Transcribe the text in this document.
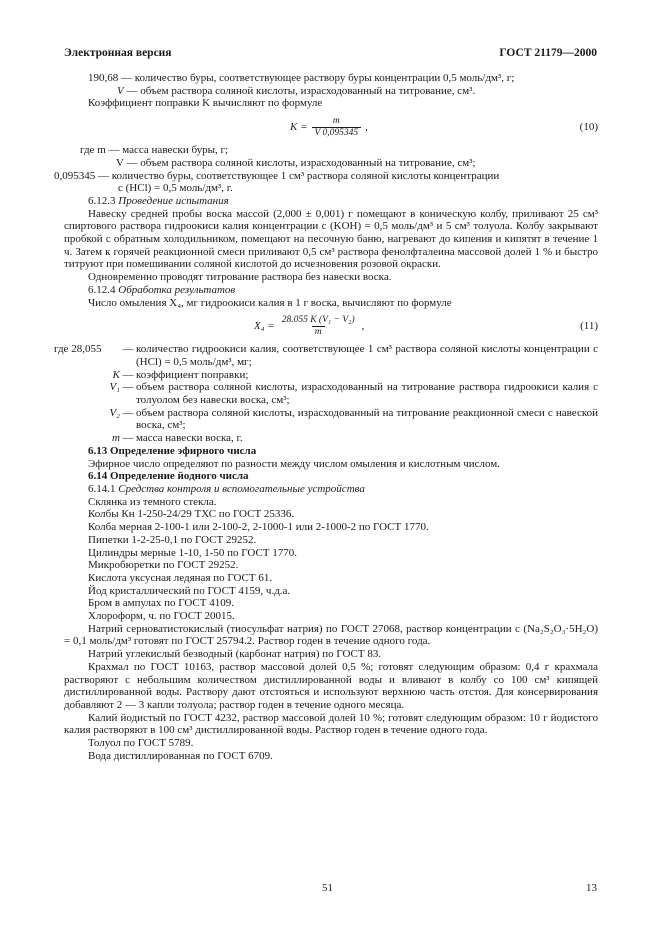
Электронная версия	ГОСТ 21179—2000

190,68 — количество буры, соответствующее раствору буры концентрации 0,5 моль/дм³, г;

V — объем раствора соляной кислоты, израсходованный на титрование, см³.

Коэффициент поправки K вычисляют по формуле

$K = \frac{m}{V 0,095345}$ ,	(10)

где m — масса навески буры, г;

V — объем раствора соляной кислоты, израсходованный на титрование, см³;

0,095345 — количество буры, соответствующее 1 см³ раствора соляной кислоты концентрации

c (HCl) = 0,5 моль/дм³, г.

6.12.3 Проведение испытания

Навеску средней пробы воска массой (2,000 ± 0,001) г помещают в коническую колбу, приливают 25 см³ спиртового раствора гидроокиси калия концентрации c (KOH) = 0,5 моль/дм³ и 5 см³ толуола. Колбу закрывают пробкой с обратным холодильником, помещают на песочную баню, нагревают до кипения и кипятят в течение 1 ч. Затем к горячей реакционной смеси приливают 0,5 см³ раствора фенолфталеина массовой долей 1 % и быстро титруют при помешивании соляной кислотой до исчезновения розовой окраски.

Одновременно проводят титрование раствора без навески воска.

6.12.4 Обработка результатов

Число омыления X₄, мг гидроокиси калия в 1 г воска, вычисляют по формуле

$X_4 = \frac{\text{28.055 K (V₁ − V₂)}}{m}$ ,	(11)
где 28,055	— количество гидроокиси калия, соответствующее 1 см³ раствора соляной кислоты концентрации c (HCl) = 0,5 моль/дм³, мг;
K — коэффициент поправки;
V₁ — объем раствора соляной кислоты, израсходованный на титрование раствора гидроокиси калия с толуолом без навески воска, см³;
V₂ — объем раствора соляной кислоты, израсходованный на титрование реакционной смеси с навеской воска, см³;
m — масса навески воска, г.

6.13 Определение эфирного числа

Эфирное число определяют по разности между числом омыления и кислотным числом.

6.14 Определение йодного числа

6.14.1 Средства контроля и вспомогательные устройства

Склянка из темного стекла.

Колбы Кн 1-250-24/29 ТХС по ГОСТ 25336.

Колба мерная 2-100-1 или 2-100-2, 2-1000-1 или 2-1000-2 по ГОСТ 1770.

Пипетки 1-2-25-0,1 по ГОСТ 29252.

Цилиндры мерные 1-10, 1-50 по ГОСТ 1770.

Микробюретки по ГОСТ 29252.

Кислота уксусная ледяная по ГОСТ 61.

Йод кристаллический по ГОСТ 4159, ч.д.а.

Бром в ампулах по ГОСТ 4109.

Хлороформ, ч. по ГОСТ 20015.

Натрий серноватистокислый (тиосульфат натрия) по ГОСТ 27068, раствор концентрации c (Na₂S₂O₃·5H₂O) = 0,1 моль/дм³ готовят по ГОСТ 25794.2. Раствор годен в течение одного года.

Натрий углекислый безводный (карбонат натрия) по ГОСТ 83.

Крахмал по ГОСТ 10163, раствор массовой долей 0,5 %; готовят следующим образом: 0,4 г крахмала растворяют с небольшим количеством дистиллированной воды и вливают в колбу со 100 см³ кипящей дистиллированной воды. Раствору дают отстояться и используют верхнюю часть отстоя. Для консервирования добавляют 2 — 3 капли толуола; раствор годен в течение одного месяца.

Калий йодистый по ГОСТ 4232, раствор массовой долей 10 %; готовят следующим образом: 10 г йодистого калия растворяют в 100 см³ дистиллированной воды. Раствор годен в течение одного года.

Толуол по ГОСТ 5789.

Вода дистиллированная по ГОСТ 6709.

51	13
